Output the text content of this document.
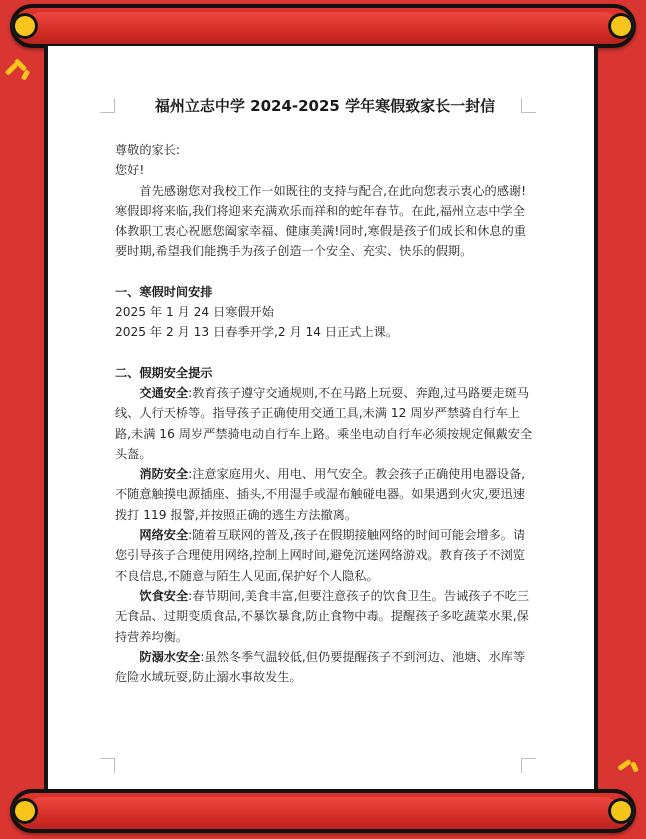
福州立志中学 2024-2025 学年寒假致家长一封信

尊敬的家长:

您好!

首先感谢您对我校工作一如既往的支持与配合,在此向您表示衷心的感谢!寒假即将来临,我们将迎来充满欢乐而祥和的蛇年春节。在此,福州立志中学全体教职工衷心祝愿您阖家幸福、健康美满!同时,寒假是孩子们成长和休息的重要时期,希望我们能携手为孩子创造一个安全、充实、快乐的假期。

一、寒假时间安排

2025 年 1 月 24 日寒假开始

2025 年 2 月 13 日春季开学,2 月 14 日正式上课。

二、假期安全提示

交通安全:教育孩子遵守交通规则,不在马路上玩耍、奔跑,过马路要走斑马线、人行天桥等。指导孩子正确使用交通工具,未满 12 周岁严禁骑自行车上路,未满 16 周岁严禁骑电动自行车上路。乘坐电动自行车必须按规定佩戴安全头盔。

消防安全:注意家庭用火、用电、用气安全。教会孩子正确使用电器设备,不随意触摸电源插座、插头,不用湿手或湿布触碰电器。如果遇到火灾,要迅速拨打 119 报警,并按照正确的逃生方法撤离。

网络安全:随着互联网的普及,孩子在假期接触网络的时间可能会增多。请您引导孩子合理使用网络,控制上网时间,避免沉迷网络游戏。教育孩子不浏览不良信息,不随意与陌生人见面,保护好个人隐私。

饮食安全:春节期间,美食丰富,但要注意孩子的饮食卫生。告诫孩子不吃三无食品、过期变质食品,不暴饮暴食,防止食物中毒。提醒孩子多吃蔬菜水果,保持营养均衡。

防溺水安全:虽然冬季气温较低,但仍要提醒孩子不到河边、池塘、水库等危险水域玩耍,防止溺水事故发生。
